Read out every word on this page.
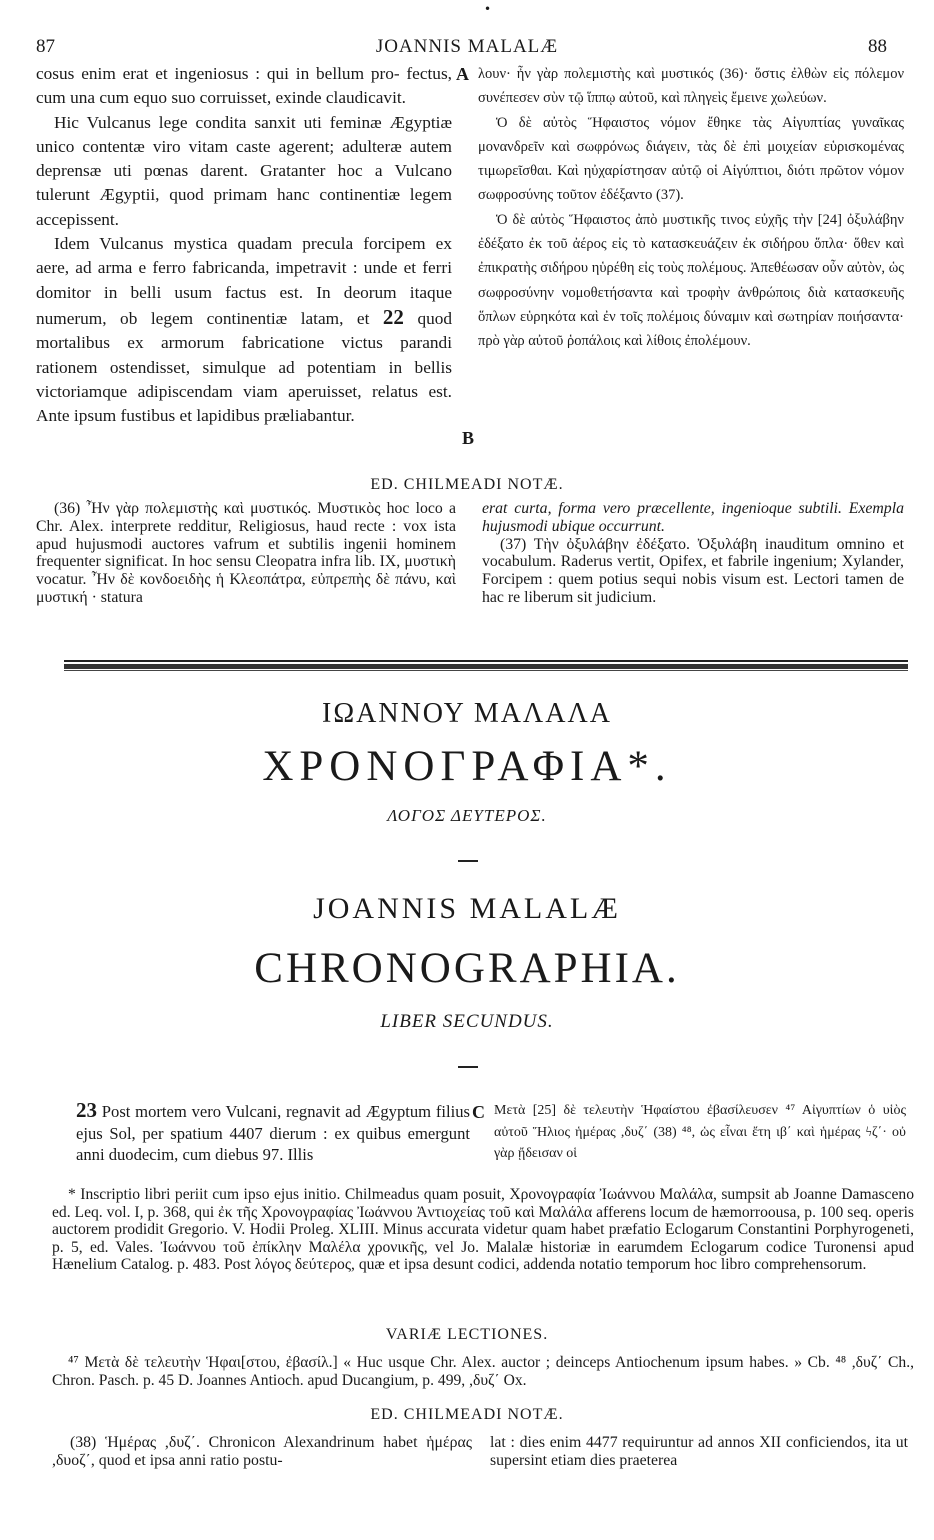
•
87	JOANNIS MALALÆ	88

cosus enim erat et ingeniosus : qui in bellum pro- fectus, cum una cum equo suo corruisset, exinde claudicavit.

Hic Vulcanus lege condita sanxit uti feminæ Ægyptiæ unico contentæ viro vitam caste agerent; adulteræ autem deprensæ uti pœnas darent. Gratanter hoc a Vulcano tulerunt Ægyptii, quod primam hanc continentiæ legem accepissent.

Idem Vulcanus mystica quadam precula forcipem ex aere, ad arma e ferro fabricanda, impetravit : unde et ferri domitor in belli usum factus est. In deorum itaque numerum, ob legem continentiæ latam, et 22 quod mortalibus ex armorum fabricatione victus parandi rationem ostendisset, simulque ad potentiam in bellis victoriamque adipiscendam viam aperuisset, relatus est. Ante ipsum fustibus et lapidibus præliabantur.

A
B

λουν· ἦν γὰρ πολεμιστὴς καὶ μυστικός (36)· ὅστις ἐλθὼν εἰς πόλεμον συνέπεσεν σὺν τῷ ἵππῳ αὐτοῦ, καὶ πληγεὶς ἔμεινε χωλεύων.

Ὁ δὲ αὐτὸς Ἥφαιστος νόμον ἔθηκε τὰς Αἰγυπτίας γυναῖκας μονανδρεῖν καὶ σωφρόνως διάγειν, τὰς δὲ ἐπὶ μοιχείαν εὑρισκομένας τιμωρεῖσθαι. Καὶ ηὐχαρίστησαν αὐτῷ οἱ Αἰγύπτιοι, διότι πρῶτον νόμον σωφροσύνης τοῦτον ἐδέξαντο (37).

Ὁ δὲ αὐτὸς Ἥφαιστος ἀπὸ μυστικῆς τινος εὐχῆς τὴν [24] ὀξυλάβην ἐδέξατο ἐκ τοῦ ἀέρος εἰς τὸ κατασκευάζειν ἐκ σιδήρου ὅπλα· ὅθεν καὶ ἐπικρατὴς σιδήρου ηὑρέθη εἰς τοὺς πολέμους. Ἀπεθέωσαν οὖν αὐτὸν, ὡς σωφροσύνην νομοθετήσαντα καὶ τροφὴν ἀνθρώποις διὰ κατασκευῆς ὅπλων εὑρηκότα καὶ ἐν τοῖς πολέμοις δύναμιν καὶ σωτηρίαν ποιήσαντα· πρὸ γὰρ αὐτοῦ ῥοπάλοις καὶ λίθοις ἐπολέμουν.

ED. CHILMEADI NOTÆ.

(36) Ἦν γὰρ πολεμιστὴς καὶ μυστικός. Μυστικὸς hoc loco a Chr. Alex. interprete redditur, Religiosus, haud recte : vox ista apud hujusmodi auctores vafrum et subtilis ingenii hominem frequenter significat. In hoc sensu Cleopatra infra lib. IX, μυστικὴ vocatur. Ἦν δὲ κονδοειδὴς ἡ Κλεοπάτρα, εὐπρεπὴς δὲ πάνυ, καὶ μυστική · statura

erat curta, forma vero præcellente, ingenioque subtili. Exempla hujusmodi ubique occurrunt.

(37) Τὴν ὀξυλάβην ἐδέξατο. Ὀξυλάβη inauditum omnino et vocabulum. Raderus vertit, Opifex, et fabrile ingenium; Xylander, Forcipem : quem potius sequi nobis visum est. Lectori tamen de hac re liberum sit judicium.

ΙΩΑΝΝΟΥ ΜΑΛΑΛΑ
ΧΡΟΝΟΓΡΑΦΙΑ*.
ΛΟΓΟΣ ΔΕΥΤΕΡΟΣ.
JOANNIS MALALÆ
CHRONOGRAPHIA.
LIBER SECUNDUS.

23 Post mortem vero Vulcani, regnavit ad Ægyptum filius ejus Sol, per spatium 4407 dierum : ex quibus emergunt anni duodecim, cum diebus 97. Illis

C Μετὰ [25] δὲ τελευτὴν Ἡφαίστου ἐβασίλευσεν ⁴⁷ Αἰγυπτίων ὁ υἱὸς αὐτοῦ Ἥλιος ἡμέρας ,δυζ΄ (38) ⁴⁸, ὡς εἶναι ἔτη ιβ΄ καὶ ἡμέρας ϟζ΄· οὐ γὰρ ᾔδεισαν οἱ

* Inscriptio libri periit cum ipso ejus initio. Chilmeadus quam posuit, Χρονογραφία Ἰωάννου Μαλάλα, sumpsit ab Joanne Damasceno ed. Leq. vol. I, p. 368, qui ἐκ τῆς Χρονογραφίας Ἰωάννου Ἀντιοχείας τοῦ καὶ Μαλάλα afferens locum de hæmorroousa, p. 100 seq. operis auctorem prodidit Gregorio. V. Hodii Proleg. XLIII. Minus accurata videtur quam habet præfatio Eclogarum Constantini Porphyrogeneti, p. 5, ed. Vales. Ἰωάννου τοῦ ἐπίκλην Μαλέλα χρονικῆς, vel Jo. Malalæ historiæ in earumdem Eclogarum codice Turonensi apud Hænelium Catalog. p. 483. Post λόγος δεύτερος, quæ et ipsa desunt codici, addenda notatio temporum hoc libro comprehensorum.

VARIÆ LECTIONES.

⁴⁷ Μετὰ δὲ τελευτὴν Ἡφαι[στου, ἐβασίλ.] « Huc usque Chr. Alex. auctor ; deinceps Antiochenum ipsum habes. » Cb. ⁴⁸ ,δυζ΄ Ch., Chron. Pasch. p. 45 D. Joannes Antioch. apud Ducangium, p. 499, ,δυζ΄ Ox.

ED. CHILMEADI NOTÆ.

(38) Ἡμέρας ,δυζ΄. Chronicon Alexandrinum habet ἡμέρας ,δυοζ΄, quod et ipsa anni ratio postu-

lat : dies enim 4477 requiruntur ad annos XII conficiendos, ita ut supersint etiam dies praeterea
